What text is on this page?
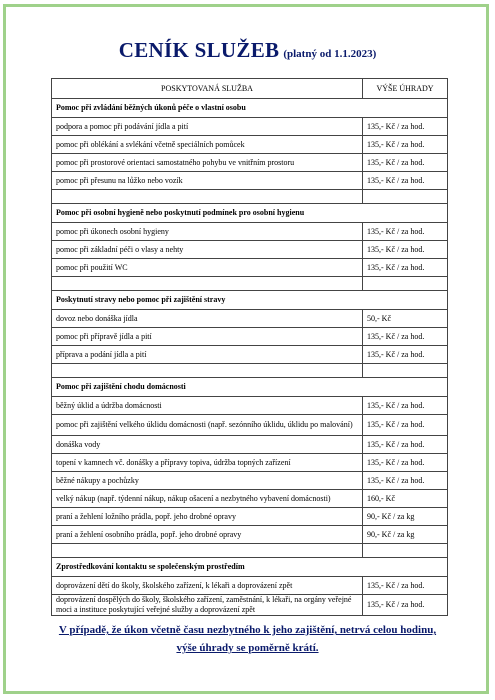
CENÍK SLUŽEB (platný od 1.1.2023)
POSKYTOVANÁ SLUŽBA	VÝŠE ÚHRADY
Pomoc při zvládání běžných úkonů péče o vlastní osobu	
podpora a pomoc při podávání jídla a pití	135,- Kč / za hod.
pomoc při oblékání a svlékání včetně speciálních pomůcek	135,- Kč / za hod.
pomoc při prostorové orientaci samostatného pohybu ve vnitřním prostoru	135,- Kč / za hod.
pomoc při přesunu na lůžko nebo vozík	135,- Kč / za hod.

Pomoc při osobní hygieně nebo poskytnutí podmínek pro osobní hygienu	
pomoc při úkonech osobní hygieny	135,- Kč / za hod.
pomoc při základní péči o vlasy a nehty	135,- Kč / za hod.
pomoc při použití WC	135,- Kč / za hod.

Poskytnutí stravy nebo pomoc při zajištění stravy	
dovoz nebo donáška jídla	50,- Kč
pomoc při přípravě jídla a pití	135,- Kč / za hod.
příprava a podání jídla a pití	135,- Kč / za hod.

Pomoc při zajištění chodu domácnosti	
běžný úklid a údržba domácnosti	135,- Kč / za hod.
pomoc při zajištění velkého úklidu domácnosti (např. sezónního úklidu, úklidu po malování)	135,- Kč / za hod.
donáška vody	135,- Kč / za hod.
topení v kamnech vč. donášky a přípravy topiva, údržba topných zařízení	135,- Kč / za hod.
běžné nákupy a pochůzky	135,- Kč / za hod.
velký nákup (např. týdenní nákup, nákup ošacení a nezbytného vybavení domácnosti)	160,- Kč
praní a žehlení ložního prádla, popř. jeho drobné opravy	90,- Kč / za kg
praní a žehlení osobního prádla, popř. jeho drobné opravy	90,- Kč / za kg

Zprostředkování kontaktu se společenským prostředím	
doprovázení dětí do školy, školského zařízení, k lékaři a doprovázení zpět	135,- Kč / za hod.
doprovázení dospělých do školy, školského zařízení, zaměstnání, k lékaři, na orgány veřejné moci a instituce poskytující veřejné služby a doprovázení zpět	135,- Kč / za hod.
V případě, že úkon včetně času nezbytného k jeho zajištění, netrvá celou hodinu,
výše úhrady se poměrně krátí.
